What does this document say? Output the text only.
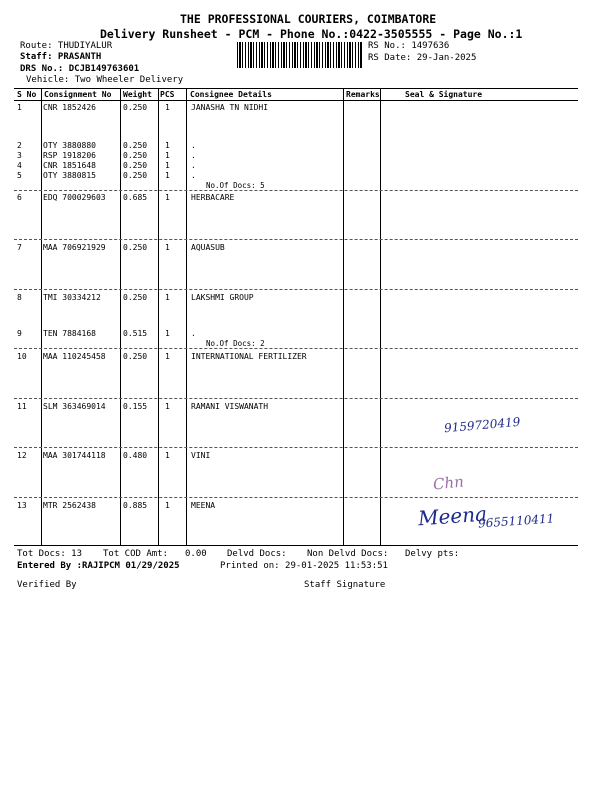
THE PROFESSIONAL COURIERS, COIMBATORE
Delivery Runsheet - PCM - Phone No.:0422-3505555 - Page No.:1
Route: THUDIYALUR
Staff: PRASANTH
DRS No.: DCJB149763601
Vehicle: Two Wheeler Delivery
RS No.: 1497636
RS Date: 29-Jan-2025
S No Consignment No Weight PCS Consignee Details	Remarks	Seal & Signature
1	CNR 1852426	0.250 1	JANASHA TN NIDHI
2	OTY 3880880	0.250 1	.
3	RSP 1918206	0.250 1	.
4	CNR 1851648	0.250 1	.
5	OTY 3880815	0.250 1	.
No.Of Docs: 5
6	EDQ 700029603 0.685 1	HERBACARE
7	MAA 706921929 0.250 1	AQUASUB
8	TMI 30334212	0.250 1	LAKSHMI GROUP
9	TEN 7884168	0.515 1	.
No.Of Docs: 2
10 MAA 110245458 0.250 1	INTERNATIONAL FERTILIZER
11 SLM 363469014 0.155 1	RAMANI VISWANATH
12 MAA 301744118 0.480 1	VINI
13 MTR 2562438	0.885 1	MEENA
9159720419
Chn
Meena
9655110411
Tot Docs: 13 Tot COD Amt: 0.00 Delvd Docs: Non Delvd Docs: Delvy pts:
Entered By :RAJIPCM 01/29/2025	Printed on: 29-01-2025 11:53:51
Verified By	Staff Signature
